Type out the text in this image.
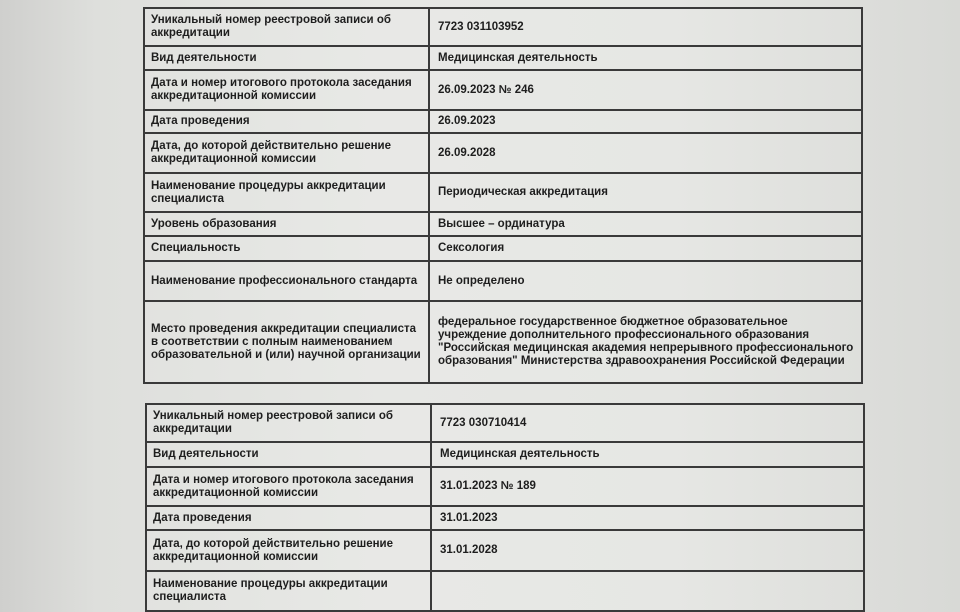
Уникальный номер реестровой записи об аккредитации	7723 031103952
Вид деятельности	Медицинская деятельность
Дата и номер итогового протокола заседания аккредитационной комиссии	26.09.2023 № 246
Дата проведения	26.09.2023
Дата, до которой действительно решение аккредитационной комиссии	26.09.2028
Наименование процедуры аккредитации специалиста	Периодическая аккредитация
Уровень образования	Высшее – ординатура
Специальность	Сексология
Наименование профессионального стандарта	Не определено
Место проведения аккредитации специалиста в соответствии с полным наименованием образовательной и (или) научной организации	федеральное государственное бюджетное образовательное учреждение дополнительного профессионального образования "Российская медицинская академия непрерывного профессионального образования" Министерства здравоохранения Российской Федерации
Уникальный номер реестровой записи об аккредитации	7723 030710414
Вид деятельности	Медицинская деятельность
Дата и номер итогового протокола заседания аккредитационной комиссии	31.01.2023 № 189
Дата проведения	31.01.2023
Дата, до которой действительно решение аккредитационной комиссии	31.01.2028
Наименование процедуры аккредитации специалиста	
